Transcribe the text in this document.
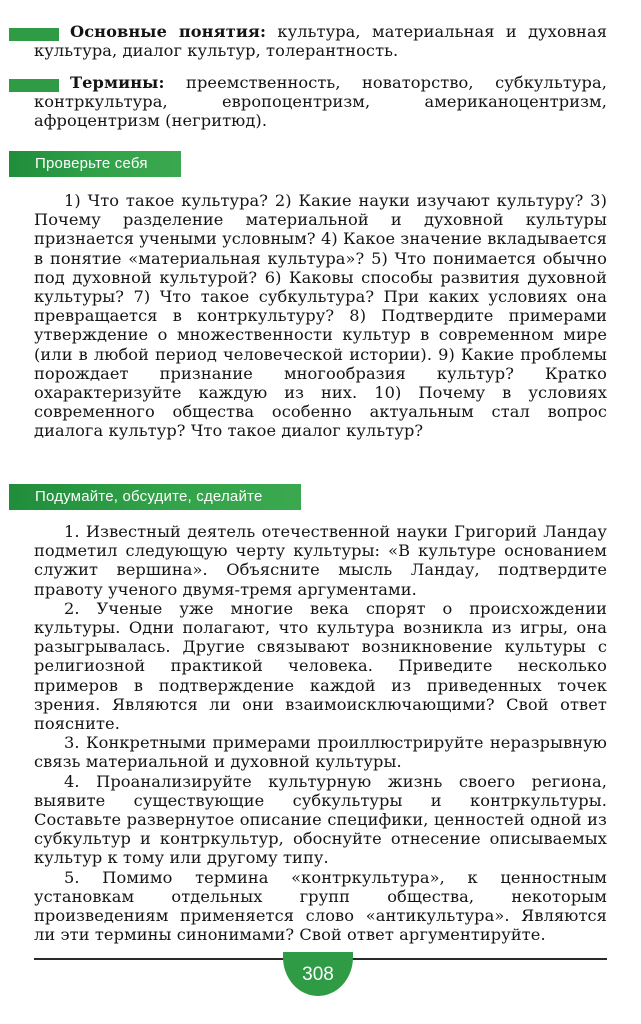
Основные понятия: культура, материальная и духовная культура, диалог культур, толерантность.

Термины: преемственность, новаторство, субкультура, контркультура, европоцентризм, американоцентризм, афроцентризм (негритюд).

Проверьте себя

1) Что такое культура? 2) Какие науки изучают культуру? 3) Почему разделение материальной и духовной культуры признается учеными условным? 4) Какое значение вкладывается в понятие «материальная культура»? 5) Что понимается обычно под духовной культурой? 6) Каковы способы развития духовной культуры? 7) Что такое субкультура? При каких условиях она превращается в контркультуру? 8) Подтвердите примерами утверждение о множественности культур в современном мире (или в любой период человеческой истории). 9) Какие проблемы порождает признание многообразия культур? Кратко охарактеризуйте каждую из них. 10) Почему в условиях современного общества особенно актуальным стал вопрос диалога культур? Что такое диалог культур?

Подумайте, обсудите, сделайте

1. Известный деятель отечественной науки Григорий Ландау подметил следующую черту культуры: «В культуре основанием служит вершина». Объясните мысль Ландау, подтвердите правоту ученого двумя-тремя аргументами.

2. Ученые уже многие века спорят о происхождении культуры. Одни полагают, что культура возникла из игры, она разыгрывалась. Другие связывают возникновение культуры с религиозной практикой человека. Приведите несколько примеров в подтверждение каждой из приведенных точек зрения. Являются ли они взаимоисключающими? Свой ответ поясните.

3. Конкретными примерами проиллюстрируйте неразрывную связь материальной и духовной культуры.

4. Проанализируйте культурную жизнь своего региона, выявите существующие субкультуры и контркультуры. Составьте развернутое описание специфики, ценностей одной из субкультур и контркультур, обоснуйте отнесение описываемых культур к тому или другому типу.

5. Помимо термина «контркультура», к ценностным установкам отдельных групп общества, некоторым произведениям применяется слово «антикультура». Являются ли эти термины синонимами? Свой ответ аргументируйте.

308
